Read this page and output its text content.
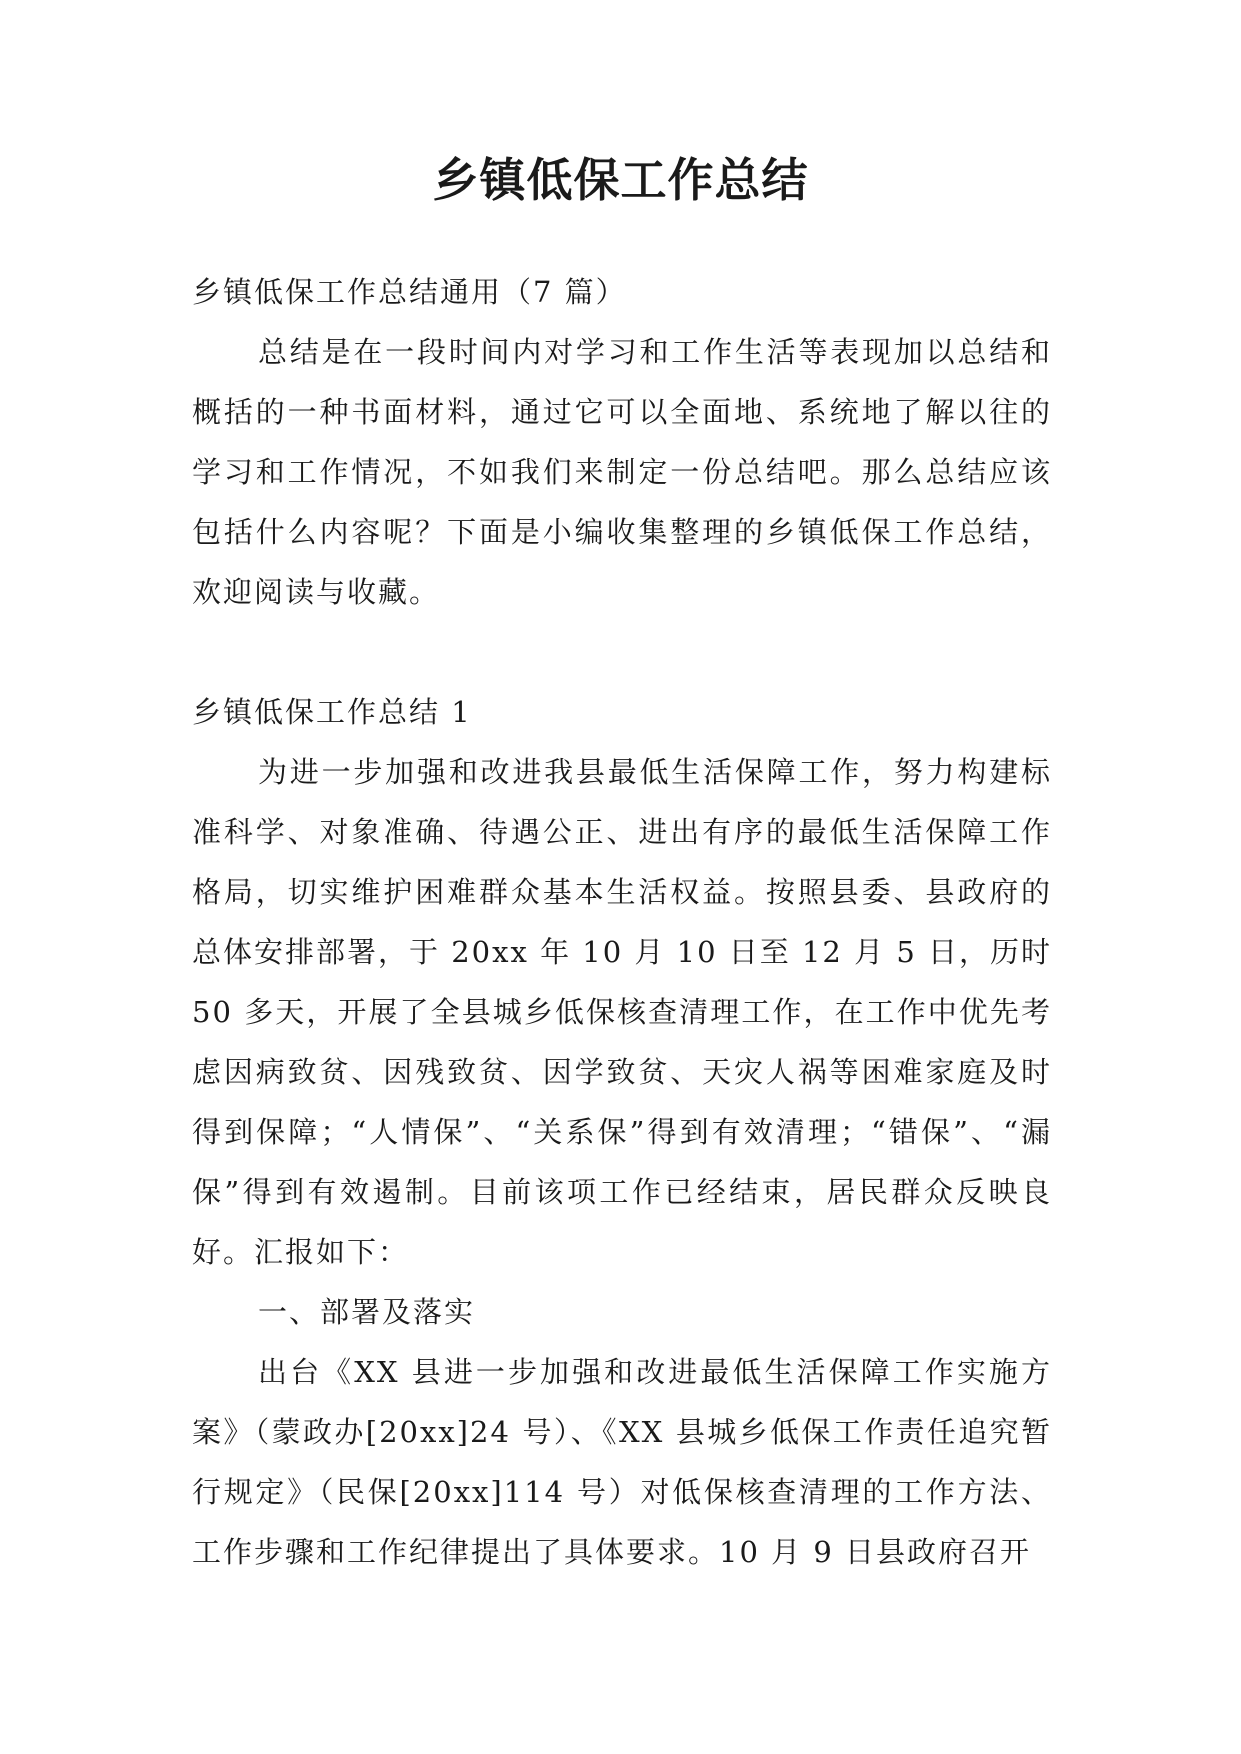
乡镇低保工作总结

乡镇低保工作总结通用（7 篇）

总结是在一段时间内对学习和工作生活等表现加以总结和概括的一种书面材料，通过它可以全面地、系统地了解以往的学习和工作情况，不如我们来制定一份总结吧。那么总结应该包括什么内容呢？下面是小编收集整理的乡镇低保工作总结，欢迎阅读与收藏。

乡镇低保工作总结 1

为进一步加强和改进我县最低生活保障工作，努力构建标准科学、对象准确、待遇公正、进出有序的最低生活保障工作格局，切实维护困难群众基本生活权益。按照县委、县政府的总体安排部署，于 20xx 年 10 月 10 日至 12 月 5 日，历时 50 多天，开展了全县城乡低保核查清理工作，在工作中优先考虑因病致贫、因残致贫、因学致贫、天灾人祸等困难家庭及时得到保障；“人情保”、“关系保”得到有效清理；“错保”、“漏保”得到有效遏制。目前该项工作已经结束，居民群众反映良好。汇报如下：

一、部署及落实

出台《XX 县进一步加强和改进最低生活保障工作实施方案》（蒙政办[20xx]24 号）、《XX 县城乡低保工作责任追究暂行规定》（民保[20xx]114 号）对低保核查清理的工作方法、工作步骤和工作纪律提出了具体要求。10 月 9 日县政府召开
